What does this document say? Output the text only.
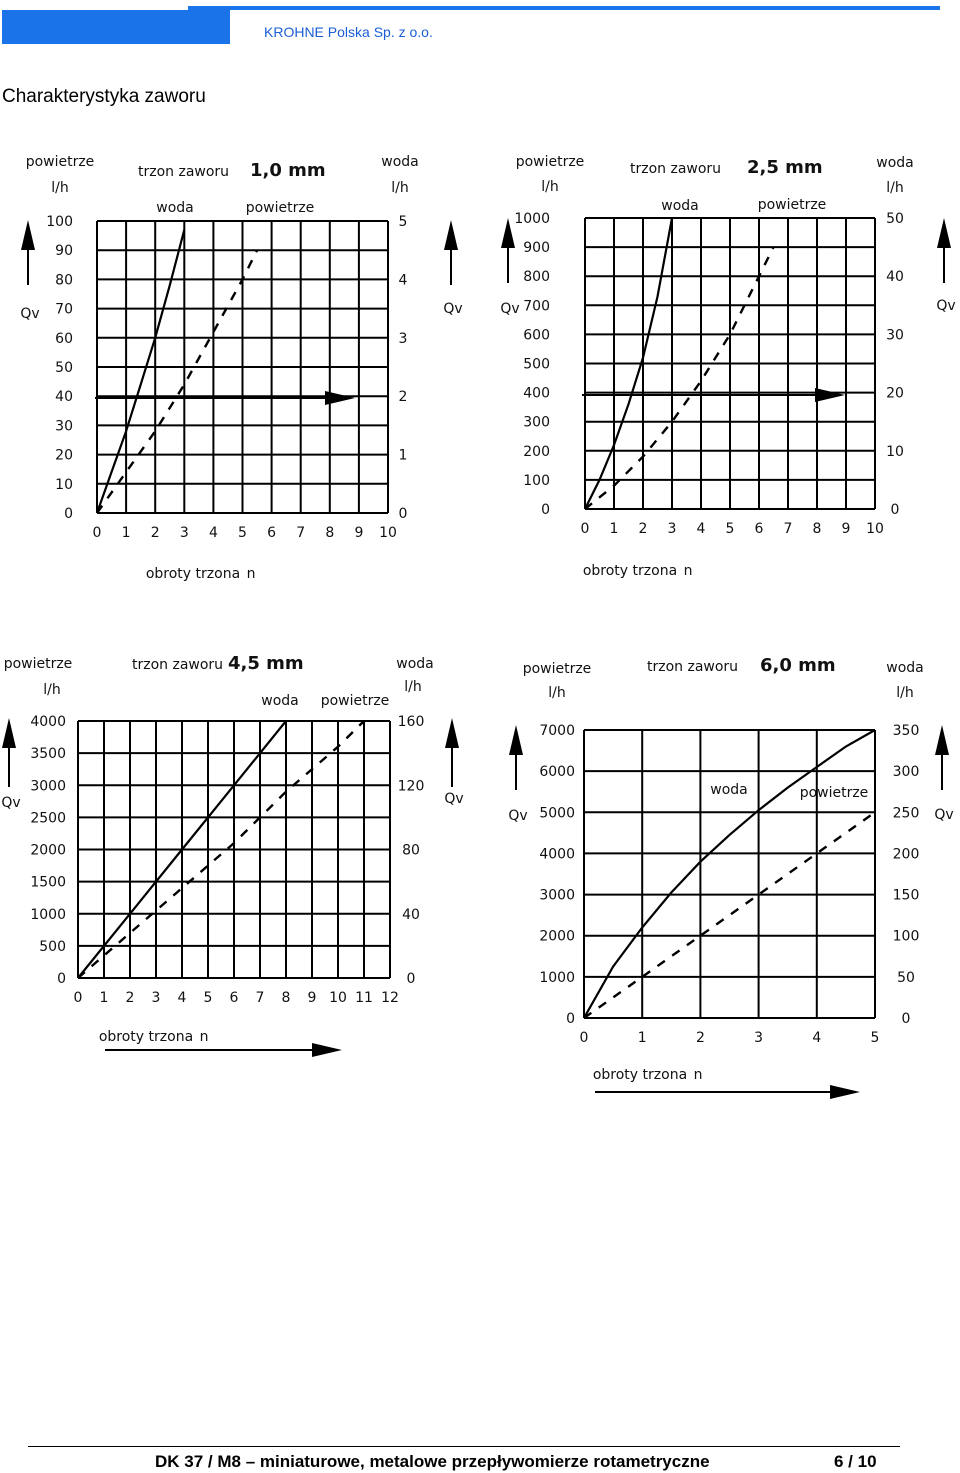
KROHNE Polska Sp. z o.o.
Charakterystyka zaworu
0 1 2 3 4 5 6 7 8 9 10
0
10
20
30
40
50
60
70
80
90
100
0
1
2
3
4
5
powietrze
l/h
trzon zaworu 1,0 mm	woda
l/h
woda	powietrze
Qv	Qv
obroty trzona n
0 1 2 3 4 5 6 7 8 9 10
0
100
200
300
400
500
600
700
800
900
1000
0
10
20
30
40
50
powietrze
l/h
trzon zaworu 2,5 mm	woda
l/h
woda	powietrze
Qv	Qv
obroty trzona n
0 1 2 3 4 5 6 7 8 9 10 11 12
0
500
1000
1500
2000
2500
3000
3500
4000
0
40
80
120
160
powietrze
l/h
trzon zaworu 4,5 mm	woda
l/h
woda powietrze
Qv	Qv
obroty trzona n	0	1	2	3	4	5
0
1000
2000
3000
4000
5000
6000
7000
0
50
100
150
200
250
300
350
powietrze
l/h
trzon zaworu 6,0 mm	woda
l/h
woda	powietrze
Qv	Qv
obroty trzona n
DK 37 / M8 – miniaturowe, metalowe przepływomierze rotametryczne	6 / 10
